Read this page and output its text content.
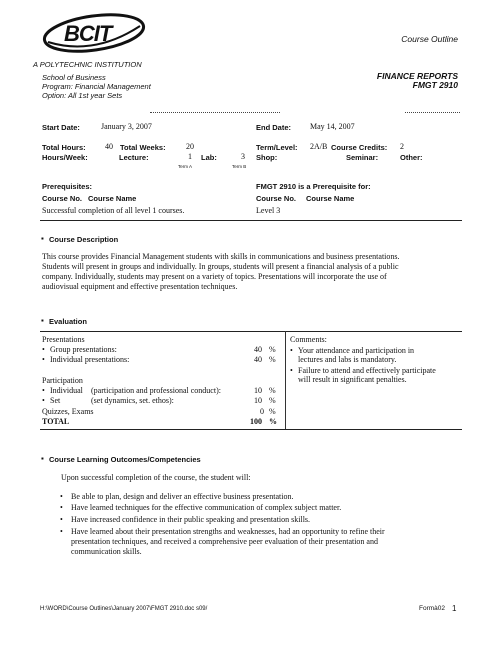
BCIT
A POLYTECHNIC INSTITUTION
School of Business
Program: Financial Management
Option: All 1st year Sets
Course Outline
FINANCE REPORTS
FMGT 2910
Start Date:	January 3, 2007	End Date: May 14, 2007
Total Hours: 40 Total Weeks:	20	Term/Level: 2A/B Course Credits: 2
Hours/Week:	Lecture:	1 Lab:	3 Shop:	Seminar:	Other:
Term A	Term B
Prerequisites:
Course No. Course Name
Successful completion of all level 1 courses.
FMGT 2910 is a Prerequisite for:
Course No. Course Name
Level 3
▪ Course Description
This course provides Financial Management students with skills in communications and business presentations.
Students will present in groups and individually. In groups, students will present a financial analysis of a public
company. Individually, students may present on a variety of topics. Presentations will incorporate the use of
audiovisual equipment and effective presentation techniques.
▪ Evaluation
Presentations
• Group presentations:	40 %
• Individual presentations:	40 %
Participation
• Individual (participation and professional conduct):	10 %
• Set	(set dynamics, set. ethos):	10 %
Quizzes, Exams	0 %
TOTAL	100 %
Comments:
• Your attendance and participation in
lectures and labs is mandatory.
• Failure to attend and effectively participate
will result in significant penalties.
▪ Course Learning Outcomes/Competencies
Upon successful completion of the course, the student will:
• Be able to plan, design and deliver an effective business presentation.
• Have learned techniques for the effective communication of complex subject matter.
• Have increased confidence in their public speaking and presentation skills.
• Have learned about their presentation strengths and weaknesses, had an opportunity to refine their
presentation techniques, and received a comprehensive peer evaluation of their presentation and
communication skills.
H:\WORD\Course Outlines\January 2007\FMGT 2910.doc s09/	Formà02 1
